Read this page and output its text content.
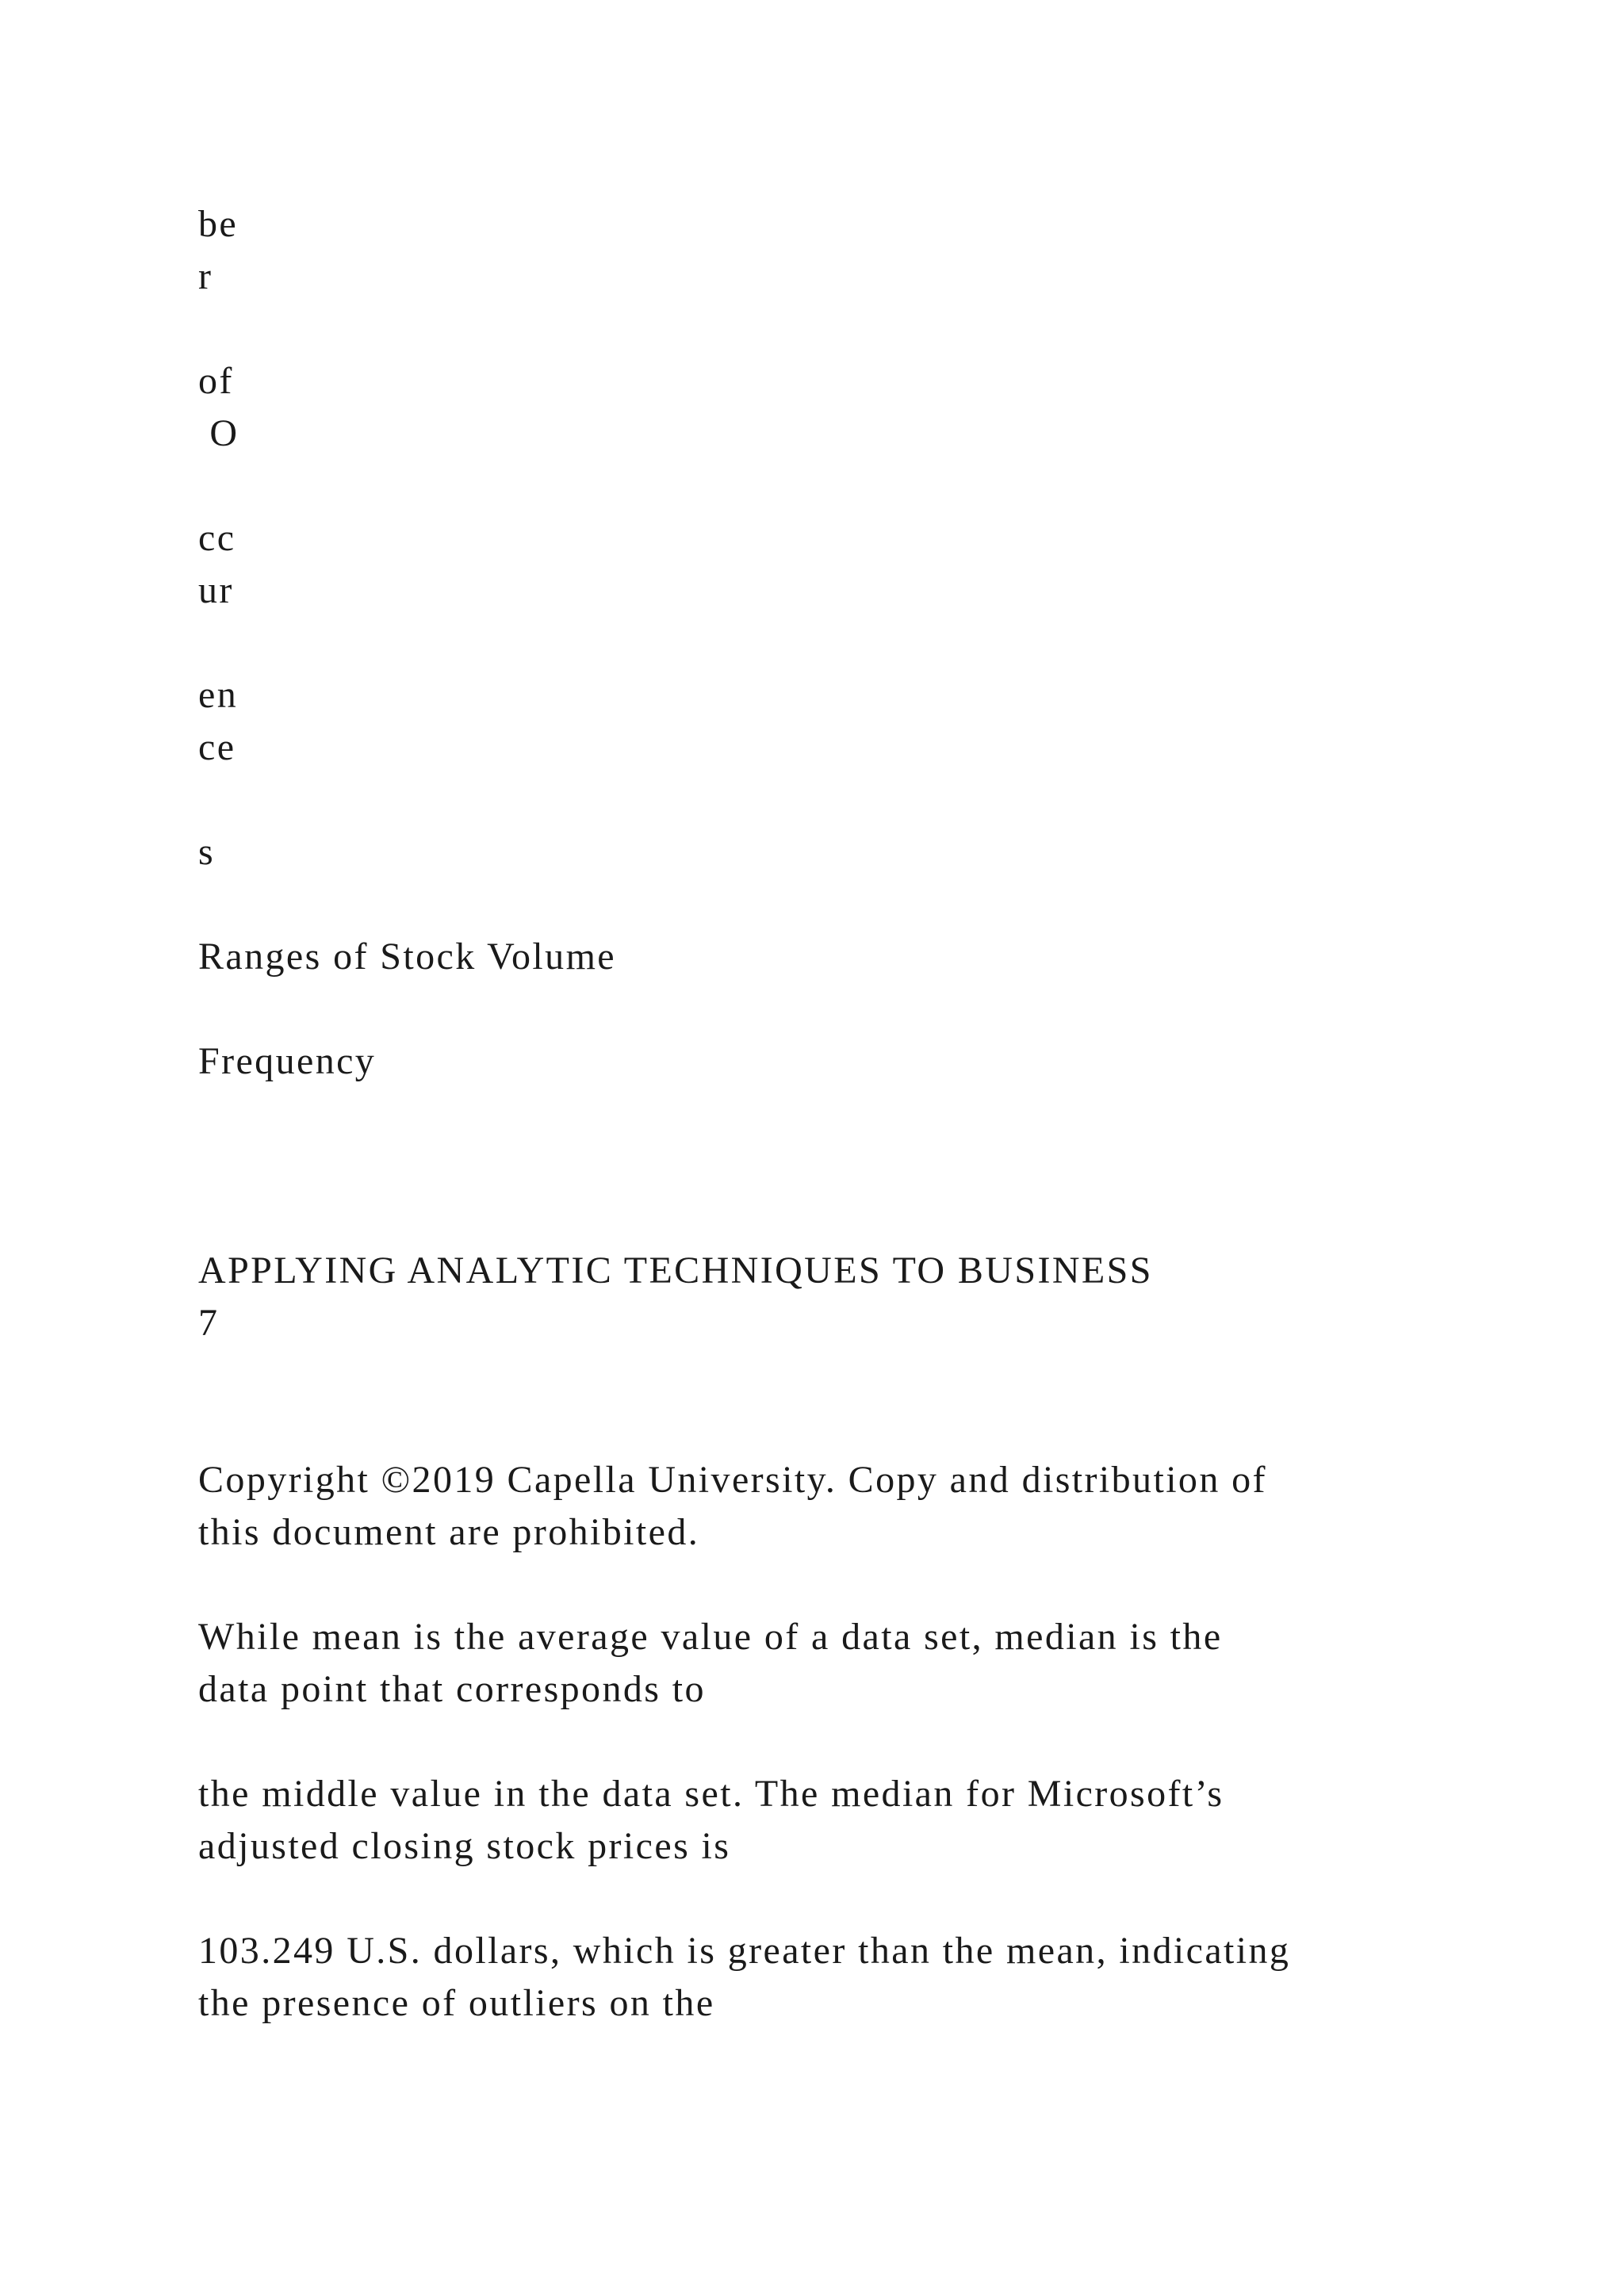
be

r

of

O

cc

ur

en

ce

s

Ranges of Stock Volume

Frequency

APPLYING ANALYTIC TECHNIQUES TO BUSINESS

7

Copyright ©2019 Capella University. Copy and distribution of

this document are prohibited.

While mean is the average value of a data set, median is the

data point that corresponds to

the middle value in the data set. The median for Microsoft’s

adjusted closing stock prices is

103.249 U.S. dollars, which is greater than the mean, indicating

the presence of outliers on the
